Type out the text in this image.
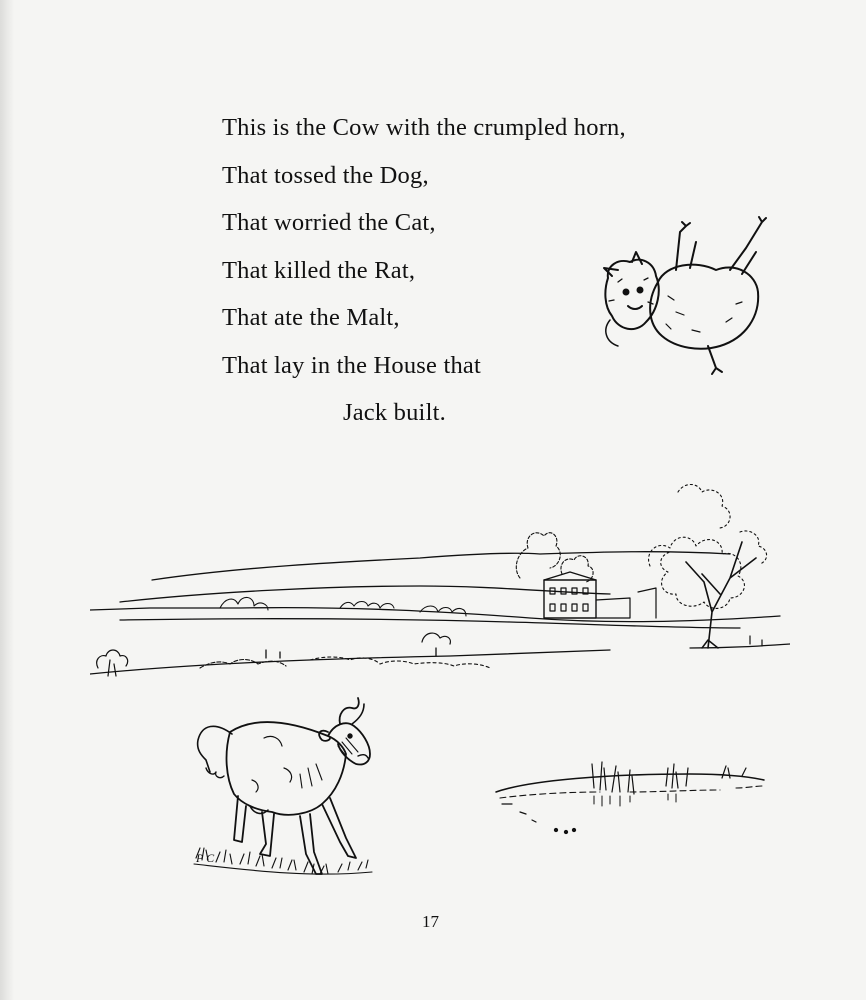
This is the Cow with the crumpled horn,
That tossed the Dog,
That worried the Cat,
That killed the Rat,
That ate the Malt,
That lay in the House that
Jack built.
P C
17
